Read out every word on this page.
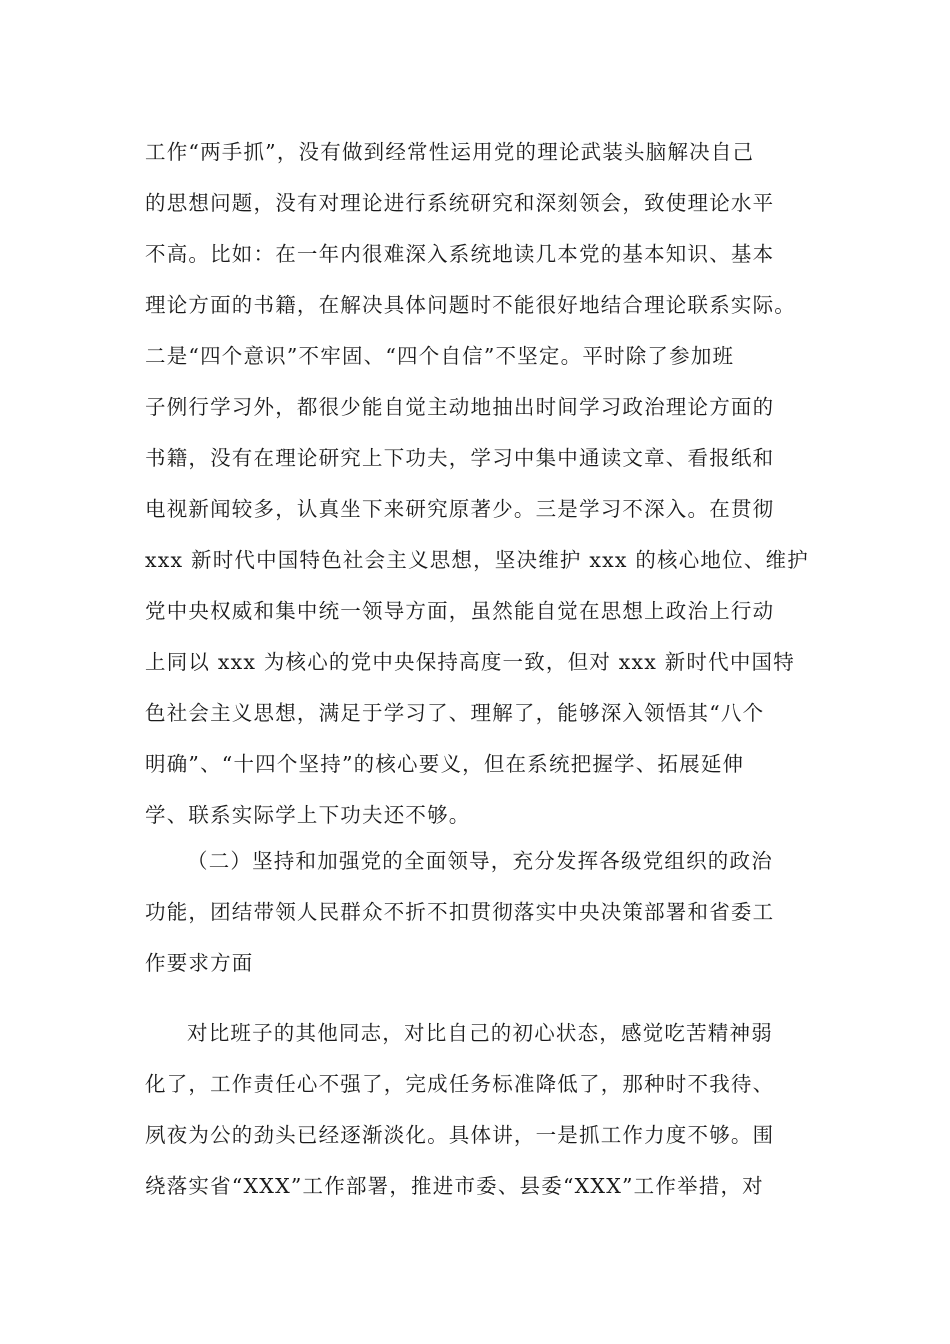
工作“两手抓”，没有做到经常性运用党的理论武装头脑解决自己
的思想问题，没有对理论进行系统研究和深刻领会，致使理论水平
不高。比如：在一年内很难深入系统地读几本党的基本知识、基本
理论方面的书籍，在解决具体问题时不能很好地结合理论联系实际。
二是“四个意识”不牢固、“四个自信”不坚定。平时除了参加班
子例行学习外，都很少能自觉主动地抽出时间学习政治理论方面的
书籍，没有在理论研究上下功夫，学习中集中通读文章、看报纸和
电视新闻较多，认真坐下来研究原著少。三是学习不深入。在贯彻
xxx 新时代中国特色社会主义思想，坚决维护 xxx 的核心地位、维护
党中央权威和集中统一领导方面，虽然能自觉在思想上政治上行动
上同以 xxx 为核心的党中央保持高度一致，但对 xxx 新时代中国特
色社会主义思想，满足于学习了、理解了，能够深入领悟其“八个
明确”、“十四个坚持”的核心要义，但在系统把握学、拓展延伸
学、联系实际学上下功夫还不够。
（二）坚持和加强党的全面领导，充分发挥各级党组织的政治
功能，团结带领人民群众不折不扣贯彻落实中央决策部署和省委工
作要求方面
对比班子的其他同志，对比自己的初心状态，感觉吃苦精神弱
化了，工作责任心不强了，完成任务标准降低了，那种时不我待、
夙夜为公的劲头已经逐渐淡化。具体讲，一是抓工作力度不够。围
绕落实省“XXX”工作部署，推进市委、县委“XXX”工作举措，对
